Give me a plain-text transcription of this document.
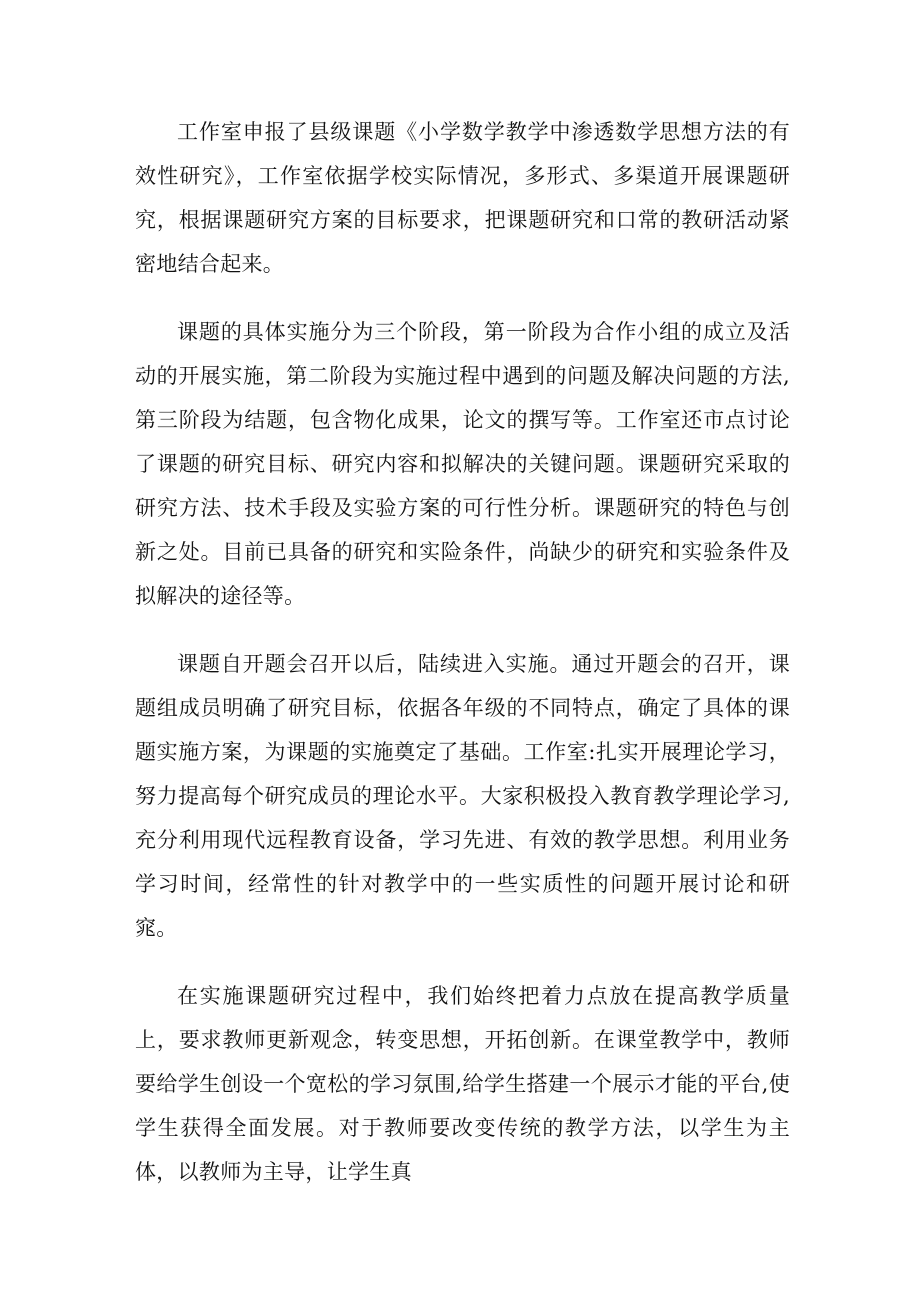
工作室申报了县级课题《小学数学教学中渗透数学思想方法的有效性研究》，工作室依据学校实际情况，多形式、多渠道开展课题研究，根据课题研究方案的目标要求，把课题研究和口常的教研活动紧密地结合起来。

课题的具体实施分为三个阶段，第一阶段为合作小组的成立及活动的开展实施，第二阶段为实施过程中遇到的问题及解决问题的方法,第三阶段为结题，包含物化成果，论文的撰写等。工作室还市点讨论了课题的研究目标、研究内容和拟解决的关键问题。课题研究采取的研究方法、技术手段及实验方案的可行性分析。课题研究的特色与创新之处。目前已具备的研究和实险条件，尚缺少的研究和实验条件及拟解决的途径等。

课题自开题会召开以后，陆续进入实施。通过开题会的召开，课题组成员明确了研究目标，依据各年级的不同特点，确定了具体的课题实施方案，为课题的实施奠定了基础。工作室:扎实开展理论学习，努力提高每个研究成员的理论水平。大家积极投入教育教学理论学习,充分利用现代远程教育设备，学习先进、有效的教学思想。利用业务学习时间，经常性的针对教学中的一些实质性的问题开展讨论和研窕。

在实施课题研究过程中，我们始终把着力点放在提高教学质量上，要求教师更新观念，转变思想，开拓创新。在课堂教学中，教师要给学生创设一个宽松的学习氛围,给学生搭建一个展示才能的平台,使学生获得全面发展。对于教师要改变传统的教学方法，以学生为主体，以教师为主导，让学生真
